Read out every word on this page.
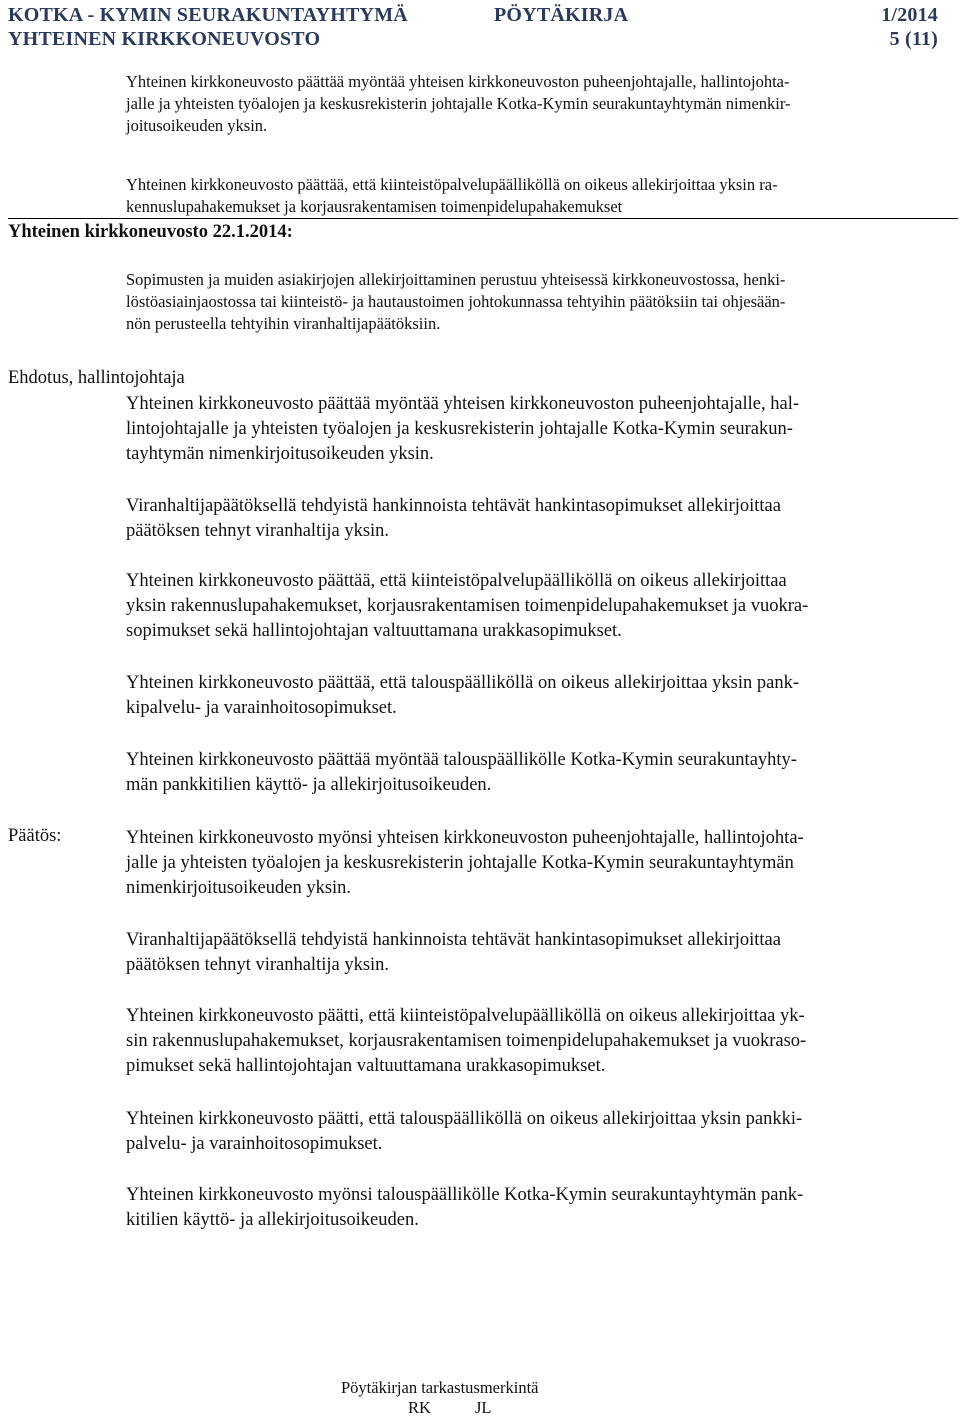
KOTKA - KYMIN SEURAKUNTAYHTYMÄ	PÖYTÄKIRJA	1/2014
YHTEINEN KIRKKONEUVOSTO	5 (11)
Yhteinen kirkkoneuvosto päättää myöntää yhteisen kirkkoneuvoston puheenjohtajalle, hallintojohta-
jalle ja yhteisten työalojen ja keskusrekisterin johtajalle Kotka-Kymin seurakuntayhtymän nimenkir-
joitusoikeuden yksin.
Yhteinen kirkkoneuvosto päättää, että kiinteistöpalvelupäälliköllä on oikeus allekirjoittaa yksin ra-
kennuslupahakemukset ja korjausrakentamisen toimenpidelupahakemukset
Yhteinen kirkkoneuvosto 22.1.2014:
Sopimusten ja muiden asiakirjojen allekirjoittaminen perustuu yhteisessä kirkkoneuvostossa, henki-
löstöasiainjaostossa tai kiinteistö- ja hautaustoimen johtokunnassa tehtyihin päätöksiin tai ohjesään-
nön perusteella tehtyihin viranhaltijapäätöksiin.
Ehdotus, hallintojohtaja
Yhteinen kirkkoneuvosto päättää myöntää yhteisen kirkkoneuvoston puheenjohtajalle, hal-
lintojohtajalle ja yhteisten työalojen ja keskusrekisterin johtajalle Kotka-Kymin seurakun-
tayhtymän nimenkirjoitusoikeuden yksin.
Viranhaltijapäätöksellä tehdyistä hankinnoista tehtävät hankintasopimukset allekirjoittaa
päätöksen tehnyt viranhaltija yksin.
Yhteinen kirkkoneuvosto päättää, että kiinteistöpalvelupäälliköllä on oikeus allekirjoittaa
yksin rakennuslupahakemukset, korjausrakentamisen toimenpidelupahakemukset ja vuokra-
sopimukset sekä hallintojohtajan valtuuttamana urakkasopimukset.
Yhteinen kirkkoneuvosto päättää, että talouspäälliköllä on oikeus allekirjoittaa yksin pank-
kipalvelu- ja varainhoitosopimukset.
Yhteinen kirkkoneuvosto päättää myöntää talouspäällikölle Kotka-Kymin seurakuntayhty-
män pankkitilien käyttö- ja allekirjoitusoikeuden.
Päätös:	Yhteinen kirkkoneuvosto myönsi yhteisen kirkkoneuvoston puheenjohtajalle, hallintojohta-
jalle ja yhteisten työalojen ja keskusrekisterin johtajalle Kotka-Kymin seurakuntayhtymän
nimenkirjoitusoikeuden yksin.
Viranhaltijapäätöksellä tehdyistä hankinnoista tehtävät hankintasopimukset allekirjoittaa
päätöksen tehnyt viranhaltija yksin.
Yhteinen kirkkoneuvosto päätti, että kiinteistöpalvelupäälliköllä on oikeus allekirjoittaa yk-
sin rakennuslupahakemukset, korjausrakentamisen toimenpidelupahakemukset ja vuokraso-
pimukset sekä hallintojohtajan valtuuttamana urakkasopimukset.
Yhteinen kirkkoneuvosto päätti, että talouspäälliköllä on oikeus allekirjoittaa yksin pankki-
palvelu- ja varainhoitosopimukset.
Yhteinen kirkkoneuvosto myönsi talouspäällikölle Kotka-Kymin seurakuntayhtymän pank-
kitilien käyttö- ja allekirjoitusoikeuden.
Pöytäkirjan tarkastusmerkintä
RK	JL
